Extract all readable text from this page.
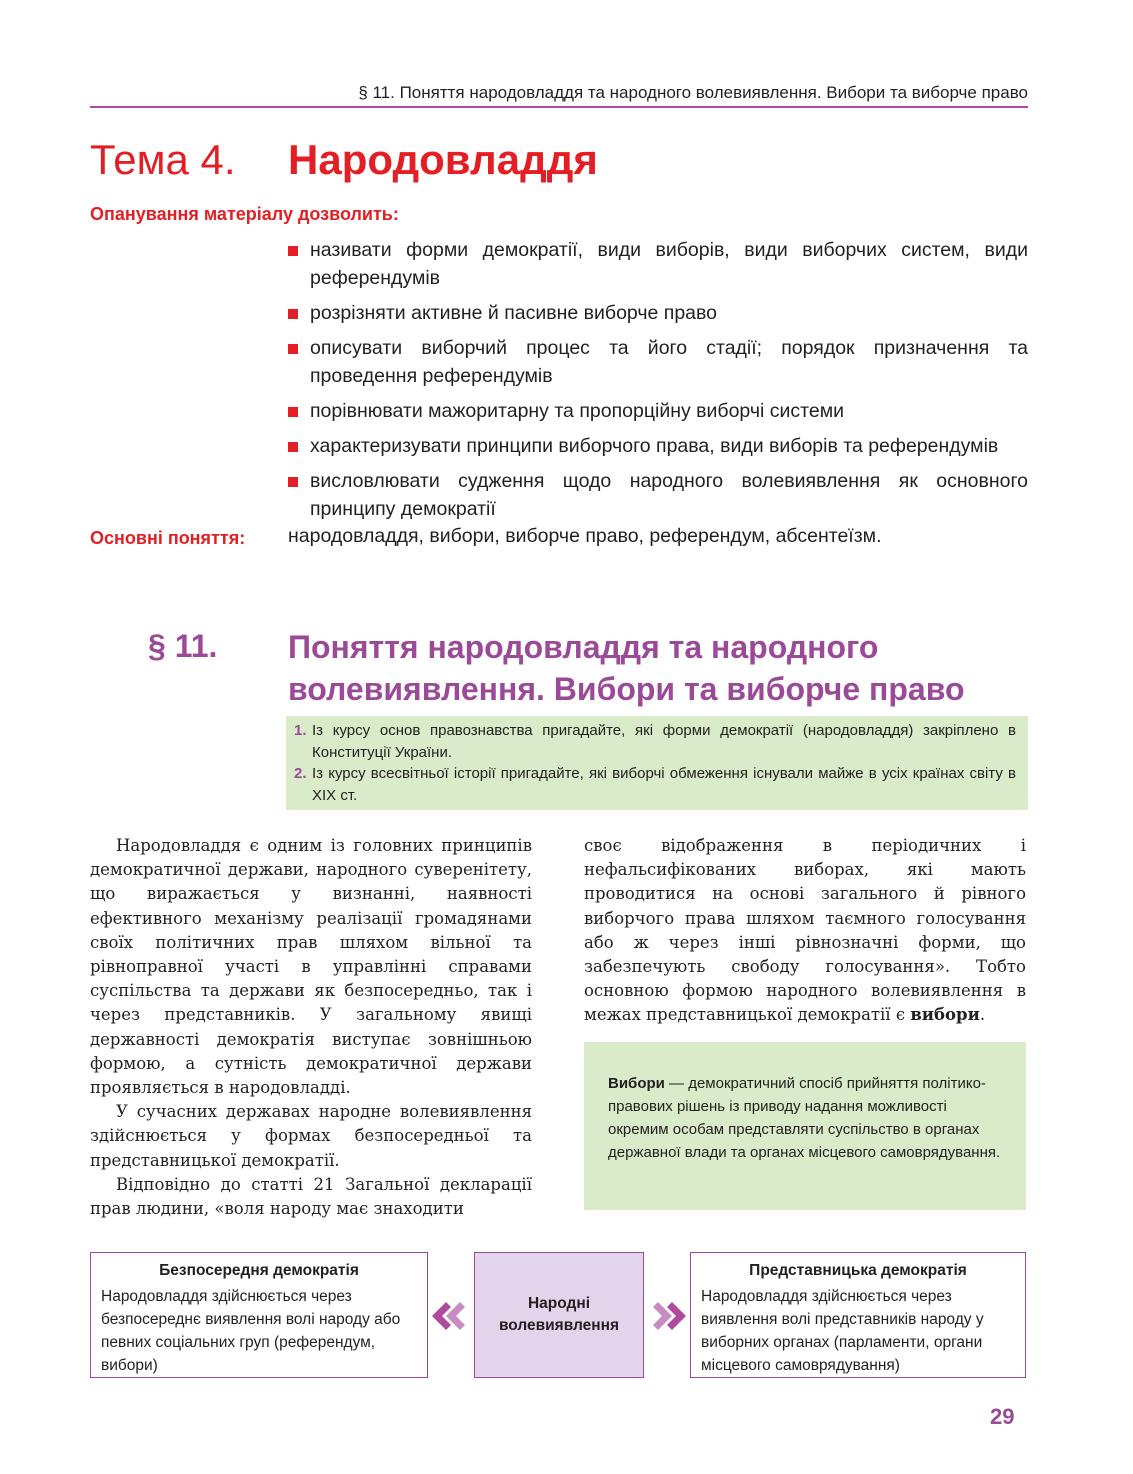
§ 11. Поняття народовладдя та народного волевиявлення. Вибори та виборче право
Тема 4. Народовладдя
Опанування матеріалу дозволить:
називати форми демократії, види виборів, види виборчих систем, види референдумів
розрізняти активне й пасивне виборче право
описувати виборчий процес та його стадії; порядок призначення та проведення референдумів
порівнювати мажоритарну та пропорційну виборчі системи
характеризувати принципи виборчого права, види виборів та референдумів
висловлювати судження щодо народного волевиявлення як основного принципу демократії
Основні поняття: народовладдя, вибори, виборче право, референдум, абсентеїзм.
§ 11. Поняття народовладдя та народного волевиявлення. Вибори та виборче право
1. Із курсу основ правознавства пригадайте, які форми демократії (народовладдя) закріплено в Конституції України.
2. Із курсу всесвітньої історії пригадайте, які виборчі обмеження існували майже в усіх країнах світу в ХІХ ст.

Народовладдя є одним із головних принципів демократичної держави, народного суверенітету, що виражається у визнанні, наявності ефективного механізму реалізації громадянами своїх політичних прав шляхом вільної та рівноправної участі в управлінні справами суспільства та держави як безпосередньо, так і через представників. У загальному явищі державності демократія виступає зовнішньою формою, а сутність демократичної держави проявляється в народовладді.

У сучасних державах народне волевиявлення здійснюється у формах безпосередньої та представницької демократії.

Відповідно до статті 21 Загальної декларації прав людини, «воля народу має знаходити

своє відображення в періодичних і нефальсифікованих виборах, які мають проводитися на основі загального й рівного виборчого права шляхом таємного голосування або ж через інші рівнозначні форми, що забезпечують свободу голосування». Тобто основною формою народного волевиявлення в межах представницької демократії є вибори.

Вибори — демократичний спосіб прийняття політико-правових рішень із приводу надання можливості окремим особам представляти суспільство в органах державної влади та органах місцевого самоврядування.
Безпосередня демократія
Народовладдя здійснюється через безпосереднє виявлення волі народу або певних соціальних груп (референдум, вибори)
Народні волевиявлення
Представницька демократія
Народовладдя здійснюється через виявлення волі представників народу у виборних органах (парламенти, органи місцевого самоврядування)
29
